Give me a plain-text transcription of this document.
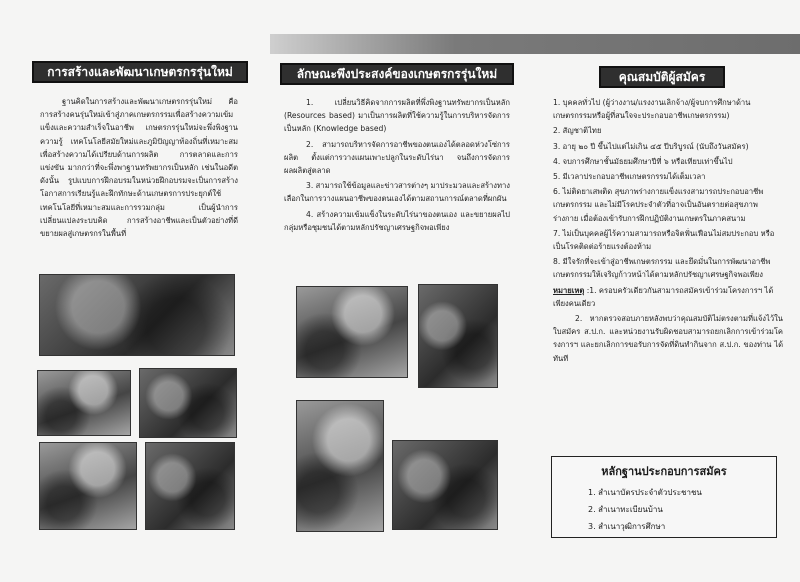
การสร้างและพัฒนาเกษตรกรรุ่นใหม่

ฐานคิดในการสร้างและพัฒนาเกษตรกรรุ่นใหม่ คือ การสร้างคนรุ่นใหม่เข้าสู่ภาคเกษตรกรรมเพื่อสร้างความเข้มแข็งและความสำเร็จในอาชีพ เกษตรกรรุ่นใหม่จะพึ่งพิงฐานความรู้ เทคโนโลยีสมัยใหม่และภูมิปัญญาท้องถิ่นที่เหมาะสม เพื่อสร้างความได้เปรียบด้านการผลิต การตลาดและการแข่งขัน มากกว่าที่จะพึ่งพาฐานทรัพยากรเป็นหลัก เช่นในอดีต ดังนั้น รูปแบบการฝึกอบรมในหน่วยฝึกอบรมจะเป็นการสร้างโอกาสการเรียนรู้และฝึกทักษะด้านเกษตรการประยุกต์ใช้เทคโนโลยีที่เหมาะสมและการรวมกลุ่ม เป็นผู้นำการเปลี่ยนแปลงระบบคิด การสร้างอาชีพและเป็นตัวอย่างที่ดี ขยายผลสู่เกษตรกรในพื้นที่

ลักษณะพึงประสงค์ของเกษตรกรรุ่นใหม่

1. เปลี่ยนวิธีคิดจากการผลิตที่พึ่งพิงฐานทรัพยากรเป็นหลัก (Resources based) มาเป็นการผลิตที่ใช้ความรู้ในการบริหารจัดการเป็นหลัก (Knowledge based)

2. สามารถบริหารจัดการอาชีพของตนเองได้ตลอดห่วงโซ่การผลิต ตั้งแต่การวางแผนเพาะปลูกในระดับไร่นา จนถึงการจัดการผลผลิตสู่ตลาด

3. สามารถใช้ข้อมูลและข่าวสารต่างๆ มาประมวลและสร้างทางเลือกในการวางแผนอาชีพของตนเองได้ตามสถานการณ์ตลาดที่ผกผัน

4. สร้างความเข้มแข็งในระดับไร่นาของตนเอง และขยายผลไปกลุ่มหรือชุมชนได้ตามหลักปรัชญาเศรษฐกิจพอเพียง

คุณสมบัติผู้สมัคร

1. บุคคลทั่วไป (ผู้ว่างงาน/แรงงานเลิกจ้าง/ผู้จบการศึกษาด้านเกษตรกรรมหรือผู้ที่สนใจจะประกอบอาชีพเกษตรกรรม)

2. สัญชาติไทย

3. อายุ ๒๐ ปี ขึ้นไปแต่ไม่เกิน ๔๕ ปีบริบูรณ์ (นับถึงวันสมัคร)

4. จบการศึกษาชั้นมัธยมศึกษาปีที่ ๖ หรือเทียบเท่าขึ้นไป

5. มีเวลาประกอบอาชีพเกษตรกรรมได้เต็มเวลา

6. ไม่ติดยาเสพติด สุขภาพร่างกายแข็งแรงสามารถประกอบอาชีพเกษตรกรรม และไม่มีโรคประจำตัวที่อาจเป็นอันตรายต่อสุขภาพร่างกาย เมื่อต้องเข้ารับการฝึกปฏิบัติงานเกษตรในภาคสนาม

7. ไม่เป็นบุคคลผู้ไร้ความสามารถหรือจิตฟั่นเฟือนไม่สมประกอบ หรือเป็นโรคติดต่อร้ายแรงต้องห้าม

8. มีใจรักที่จะเข้าสู่อาชีพเกษตรกรรม และยึดมั่นในการพัฒนาอาชีพเกษตรกรรมให้เจริญก้าวหน้าได้ตามหลักปรัชญาเศรษฐกิจพอเพียง

หมายเหตุ :1. ครอบครัวเดียวกันสามารถสมัครเข้าร่วมโครงการฯ ได้เพียงคนเดียว

2. หากตรวจสอบภายหลังพบว่าคุณสมบัติไม่ตรงตามที่แจ้งไว้ในใบสมัคร ส.ป.ก. และหน่วยงานรับผิดชอบสามารถยกเลิกการเข้าร่วมโครงการฯ และยกเลิกการขอรับการจัดที่ดินทำกินจาก ส.ป.ก. ของท่าน ได้ทันที

หลักฐานประกอบการสมัคร
1. สำเนาบัตรประจำตัวประชาชน
2. สำเนาทะเบียนบ้าน
3. สำเนาวุฒิการศึกษา
